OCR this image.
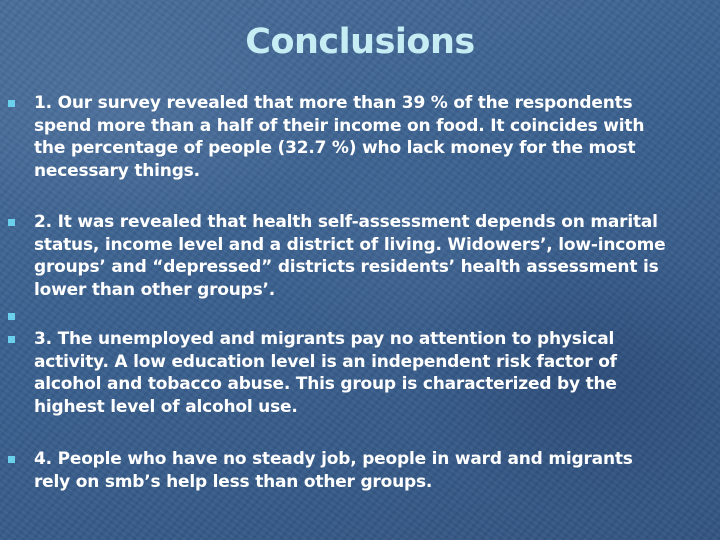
Conclusions
1. Our survey revealed that more than 39 % of the respondents
spend more than a half of their income on food. It coincides with
the percentage of people (32.7 %) who lack money for the most
necessary things.
2. It was revealed that health self-assessment depends on marital
status, income level and a district of living. Widowers’, low-income
groups’ and “depressed” districts residents’ health assessment is
lower than other groups’.
3. The unemployed and migrants pay no attention to physical
activity. A low education level is an independent risk factor of
alcohol and tobacco abuse. This group is characterized by the
highest level of alcohol use.
4. People who have no steady job, people in ward and migrants
rely on smb’s help less than other groups.
